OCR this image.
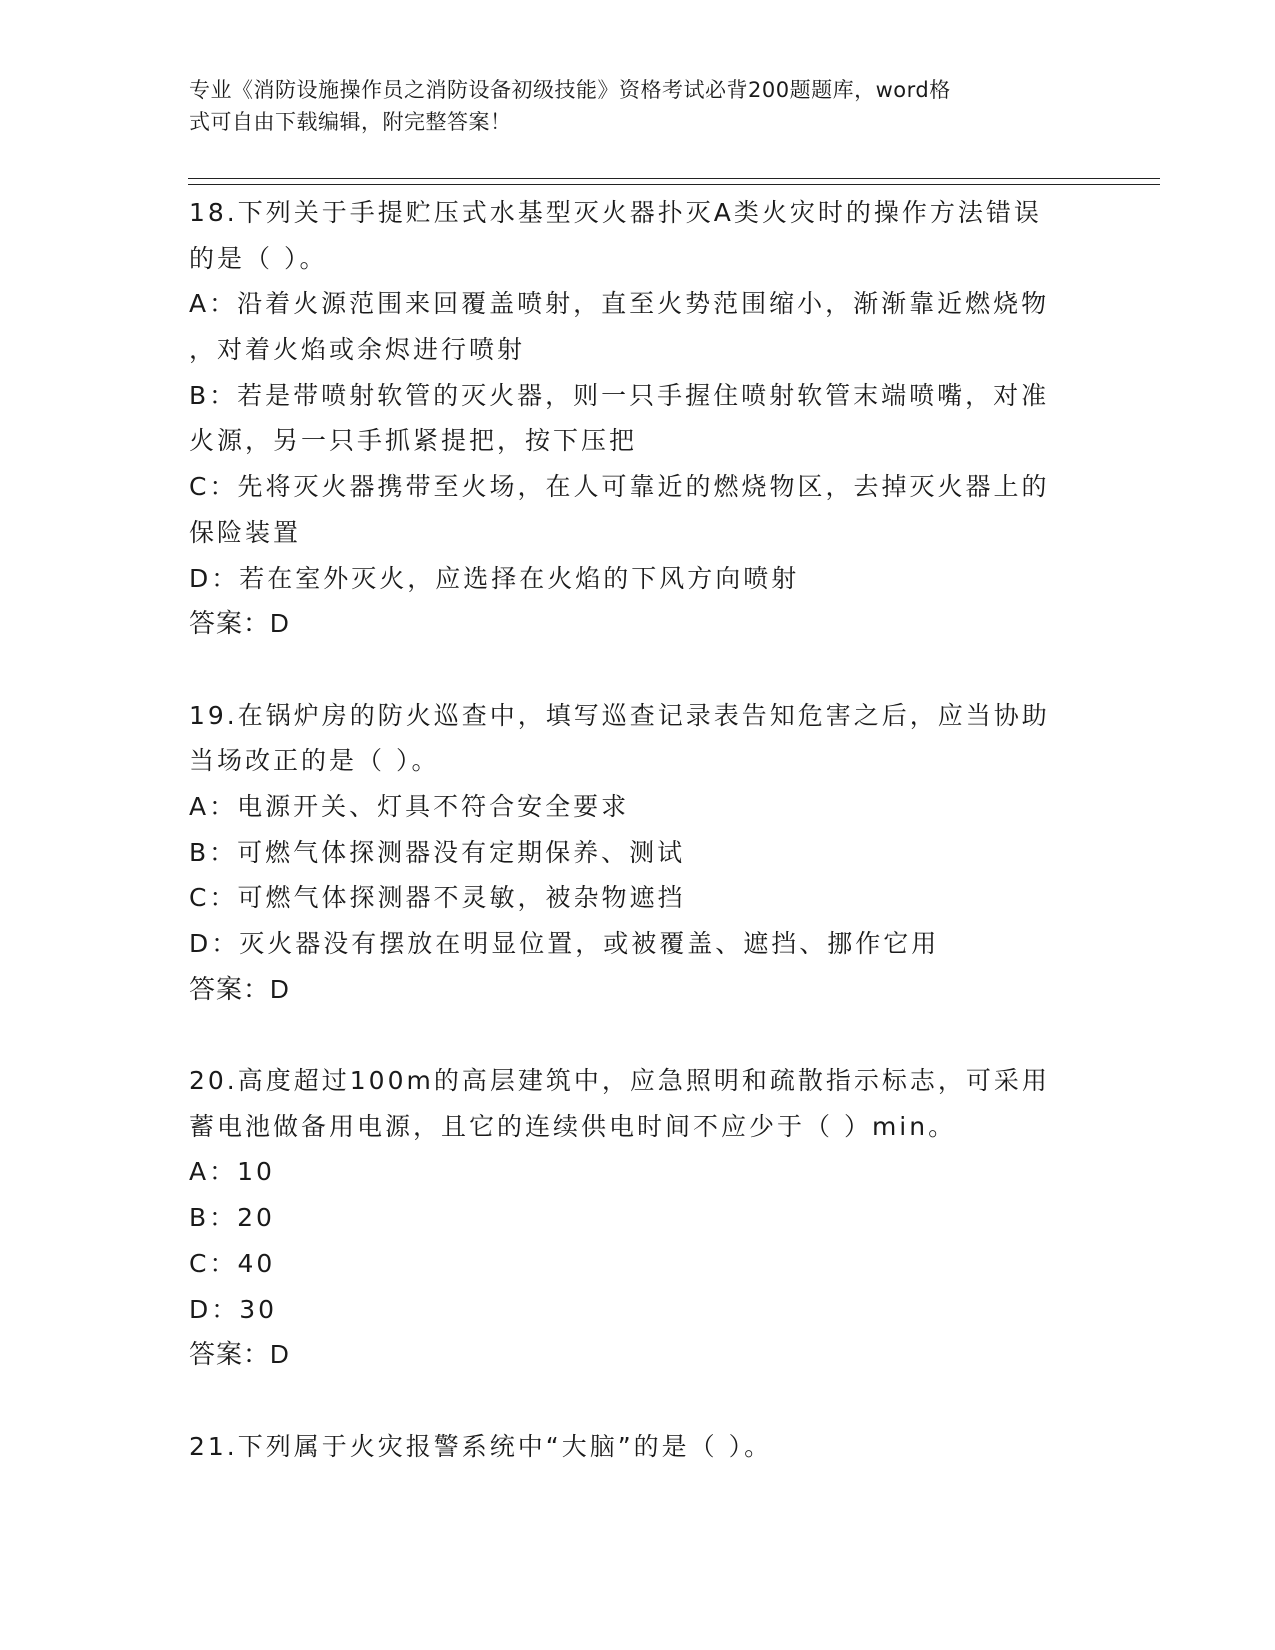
专业《消防设施操作员之消防设备初级技能》资格考试必背200题题库，word格
式可自由下载编辑，附完整答案！
18.下列关于手提贮压式水基型灭火器扑灭A类火灾时的操作方法错误
的是（ ）。
A：沿着火源范围来回覆盖喷射，直至火势范围缩小，渐渐靠近燃烧物
，对着火焰或余烬进行喷射
B：若是带喷射软管的灭火器，则一只手握住喷射软管末端喷嘴，对准
火源，另一只手抓紧提把，按下压把
C：先将灭火器携带至火场，在人可靠近的燃烧物区，去掉灭火器上的
保险装置
D：若在室外灭火，应选择在火焰的下风方向喷射
答案：D
19.在锅炉房的防火巡查中，填写巡查记录表告知危害之后，应当协助
当场改正的是（ ）。
A：电源开关、灯具不符合安全要求
B：可燃气体探测器没有定期保养、测试
C：可燃气体探测器不灵敏，被杂物遮挡
D：灭火器没有摆放在明显位置，或被覆盖、遮挡、挪作它用
答案：D
20.高度超过100m的高层建筑中，应急照明和疏散指示标志，可采用
蓄电池做备用电源，且它的连续供电时间不应少于（ ）min。
A：10
B：20
C：40
D：30
答案：D
21.下列属于火灾报警系统中“大脑”的是（ ）。
